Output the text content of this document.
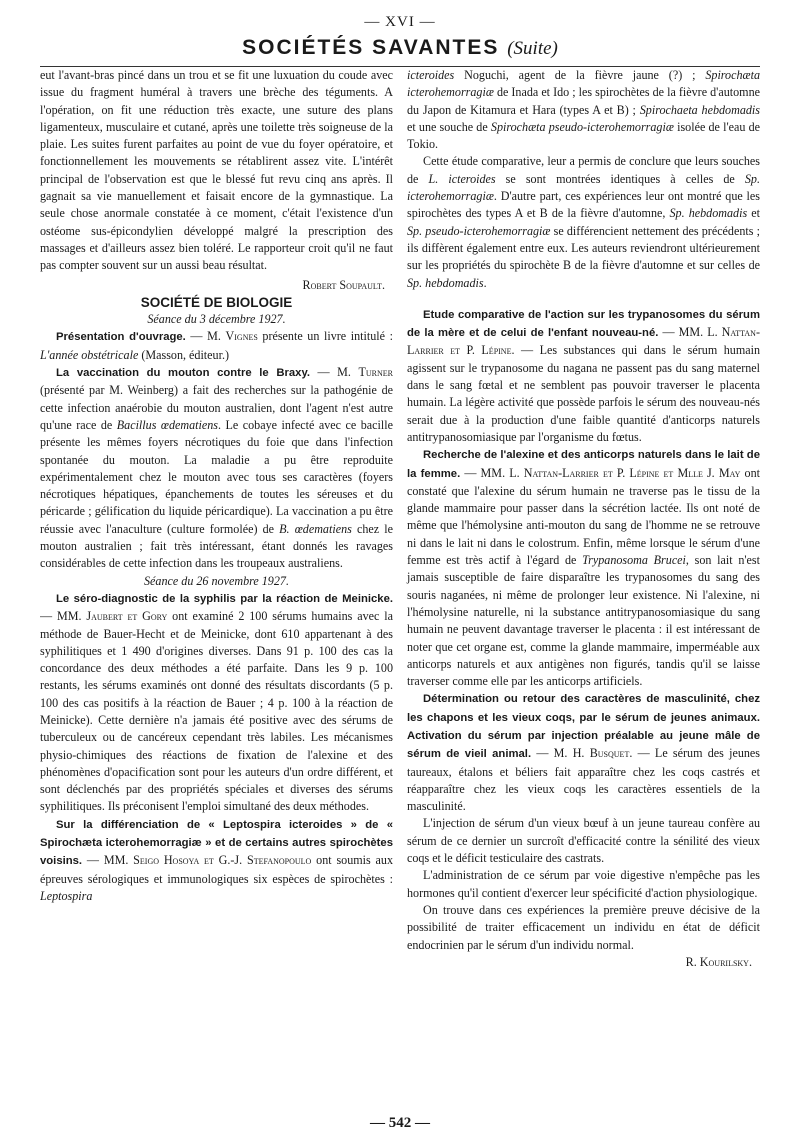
— XVI —
SOCIÉTÉS SAVANTES (Suite)

eut l'avant-bras pincé dans un trou et se fit une luxuation du coude avec issue du fragment huméral à travers une brèche des téguments. A l'opération, on fit une réduction très exacte, une suture des plans ligamenteux, musculaire et cutané, après une toilette très soigneuse de la plaie. Les suites furent parfaites au point de vue du foyer opératoire, et fonctionnellement les mouvements se rétablirent assez vite. L'intérêt principal de l'observation est que le blessé fut revu cinq ans après. Il gagnait sa vie manuellement et faisait encore de la gymnastique. La seule chose anormale constatée à ce moment, c'était l'existence d'un ostéome sus-épicondylien développé malgré la prescription des massages et d'ailleurs assez bien toléré. Le rapporteur croit qu'il ne faut pas compter souvent sur un aussi beau résultat.

Robert Soupault.

SOCIÉTÉ DE BIOLOGIE

Séance du 3 décembre 1927.

Présentation d'ouvrage. — M. Vignes présente un livre intitulé : L'année obstétricale (Masson, éditeur.)

La vaccination du mouton contre le Braxy. — M. Turner (présenté par M. Weinberg) a fait des recherches sur la pathogénie de cette infection anaérobie du mouton australien, dont l'agent n'est autre qu'une race de Bacillus œdematiens. Le cobaye infecté avec ce bacille présente les mêmes foyers nécrotiques du foie que dans l'infection spontanée du mouton. La maladie a pu être reproduite expérimentalement chez le mouton avec tous ses caractères (foyers nécrotiques hépatiques, épanchements de toutes les séreuses et du péricarde ; gélification du liquide péricardique). La vaccination a pu être réussie avec l'anaculture (culture formolée) de B. œdematiens chez le mouton australien ; fait très intéressant, étant donnés les ravages considérables de cette infection dans les troupeaux australiens.

Séance du 26 novembre 1927.

Le séro-diagnostic de la syphilis par la réaction de Meinicke. — MM. Jaubert et Gory ont examiné 2 100 sérums humains avec la méthode de Bauer-Hecht et de Meinicke, dont 610 appartenant à des syphilitiques et 1 490 d'origines diverses. Dans 91 p. 100 des cas la concordance des deux méthodes a été parfaite. Dans les 9 p. 100 restants, les sérums examinés ont donné des résultats discordants (5 p. 100 des cas positifs à la réaction de Bauer ; 4 p. 100 à la réaction de Meinicke). Cette dernière n'a jamais été positive avec des sérums de tuberculeux ou de cancéreux cependant très labiles. Les mécanismes physio-chimiques des réactions de fixation de l'alexine et des phénomènes d'opacification sont pour les auteurs d'un ordre différent, et sont déclenchés par des propriétés spéciales et diverses des sérums syphilitiques. Ils préconisent l'emploi simultané des deux méthodes.

Sur la différenciation de « Leptospira icteroides » de « Spirochæta icterohemorragiæ » et de certains autres spirochètes voisins. — MM. Seigo Hosoya et G.-J. Stefanopoulo ont soumis aux épreuves sérologiques et immunologiques six espèces de spirochètes : Leptospira

icteroides Noguchi, agent de la fièvre jaune (?) ; Spirochæta icterohemorragiæ de Inada et Ido ; les spirochètes de la fièvre d'automne du Japon de Kitamura et Hara (types A et B) ; Spirochaeta hebdomadis et une souche de Spirochæta pseudo-icterohemorragiæ isolée de l'eau de Tokio.

Cette étude comparative, leur a permis de conclure que leurs souches de L. icteroides se sont montrées identiques à celles de Sp. icterohemorragiæ. D'autre part, ces expériences leur ont montré que les spirochètes des types A et B de la fièvre d'automne, Sp. hebdomadis et Sp. pseudo-icterohemorragiæ se différencient nettement des précédents ; ils diffèrent également entre eux. Les auteurs reviendront ultérieurement sur les propriétés du spirochète B de la fièvre d'automne et sur celles de Sp. hebdomadis.

Etude comparative de l'action sur les trypanosomes du sérum de la mère et de celui de l'enfant nouveau-né. — MM. L. Nattan-Larrier et P. Lépine. — Les substances qui dans le sérum humain agissent sur le trypanosome du nagana ne passent pas du sang maternel dans le sang fœtal et ne semblent pas pouvoir traverser le placenta humain. La légère activité que possède parfois le sérum des nouveau-nés serait due à la production d'une faible quantité d'anticorps naturels antitrypanosomiasique par l'organisme du fœtus.

Recherche de l'alexine et des anticorps naturels dans le lait de la femme. — MM. L. Nattan-Larrier et P. Lépine et Mlle J. May ont constaté que l'alexine du sérum humain ne traverse pas le tissu de la glande mammaire pour passer dans la sécrétion lactée. Ils ont noté de même que l'hémolysine anti-mouton du sang de l'homme ne se retrouve ni dans le lait ni dans le colostrum. Enfin, même lorsque le sérum d'une femme est très actif à l'égard de Trypanosoma Brucei, son lait n'est jamais susceptible de faire disparaître les trypanosomes du sang des souris naganées, ni même de prolonger leur existence. Ni l'alexine, ni l'hémolysine naturelle, ni la substance antitrypanosomiasique du sang humain ne peuvent davantage traverser le placenta : il est intéressant de noter que cet organe est, comme la glande mammaire, imperméable aux anticorps naturels et aux antigènes non figurés, tandis qu'il se laisse traverser comme elle par les anticorps artificiels.

Détermination ou retour des caractères de masculinité, chez les chapons et les vieux coqs, par le sérum de jeunes animaux. Activation du sérum par injection préalable au jeune mâle de sérum de vieil animal. — M. H. Busquet. — Le sérum des jeunes taureaux, étalons et béliers fait apparaître chez les coqs castrés et réapparaître chez les vieux coqs les caractères essentiels de la masculinité.

L'injection de sérum d'un vieux bœuf à un jeune taureau confère au sérum de ce dernier un surcroît d'efficacité contre la sénilité des vieux coqs et le déficit testiculaire des castrats.

L'administration de ce sérum par voie digestive n'empêche pas les hormones qu'il contient d'exercer leur spécificité d'action physiologique.

On trouve dans ces expériences la première preuve décisive de la possibilité de traiter efficacement un individu en état de déficit endocrinien par le sérum d'un individu normal.

R. Kourilsky.

— 542 —
